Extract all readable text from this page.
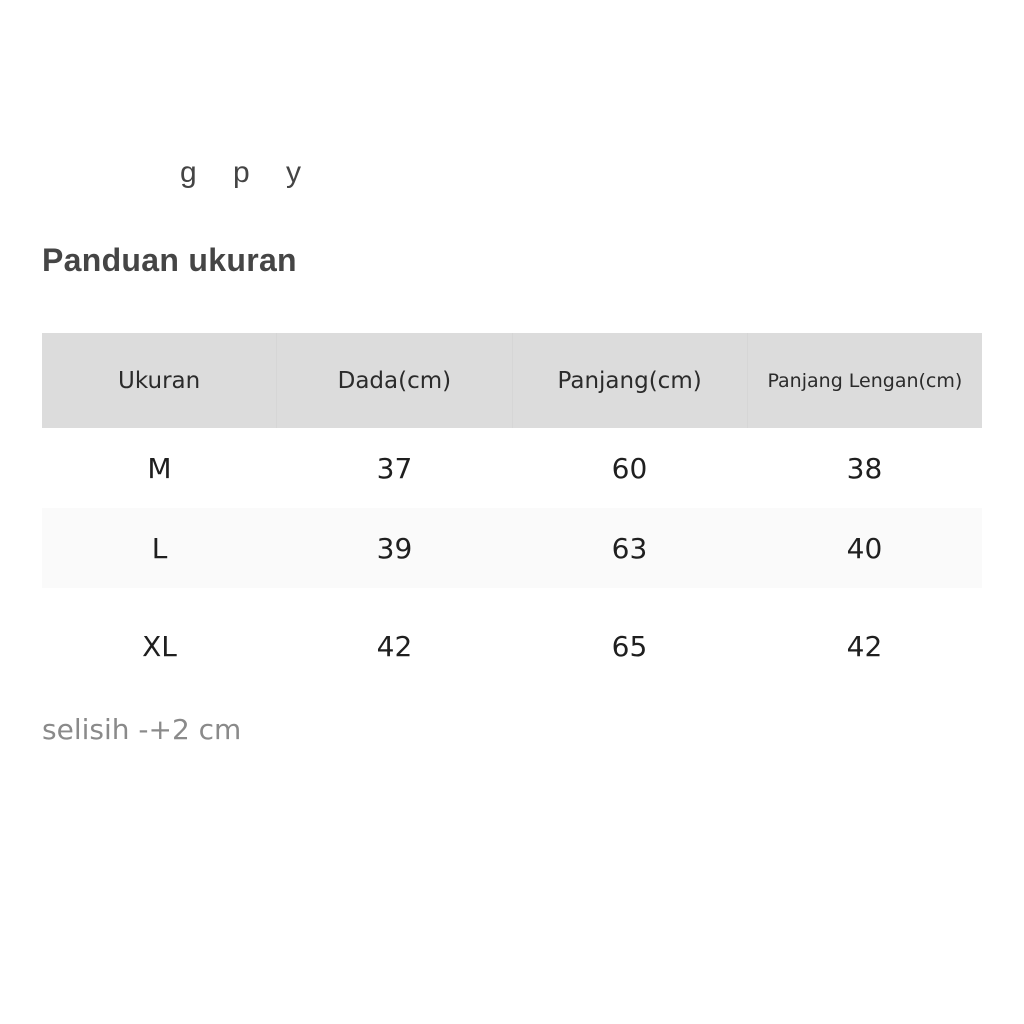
g p y
Panduan ukuran
Ukuran	Dada(cm)	Panjang(cm)	Panjang Lengan(cm)
M	37	60	38
L	39	63	40
XL	42	65	42
selisih -+2 cm
